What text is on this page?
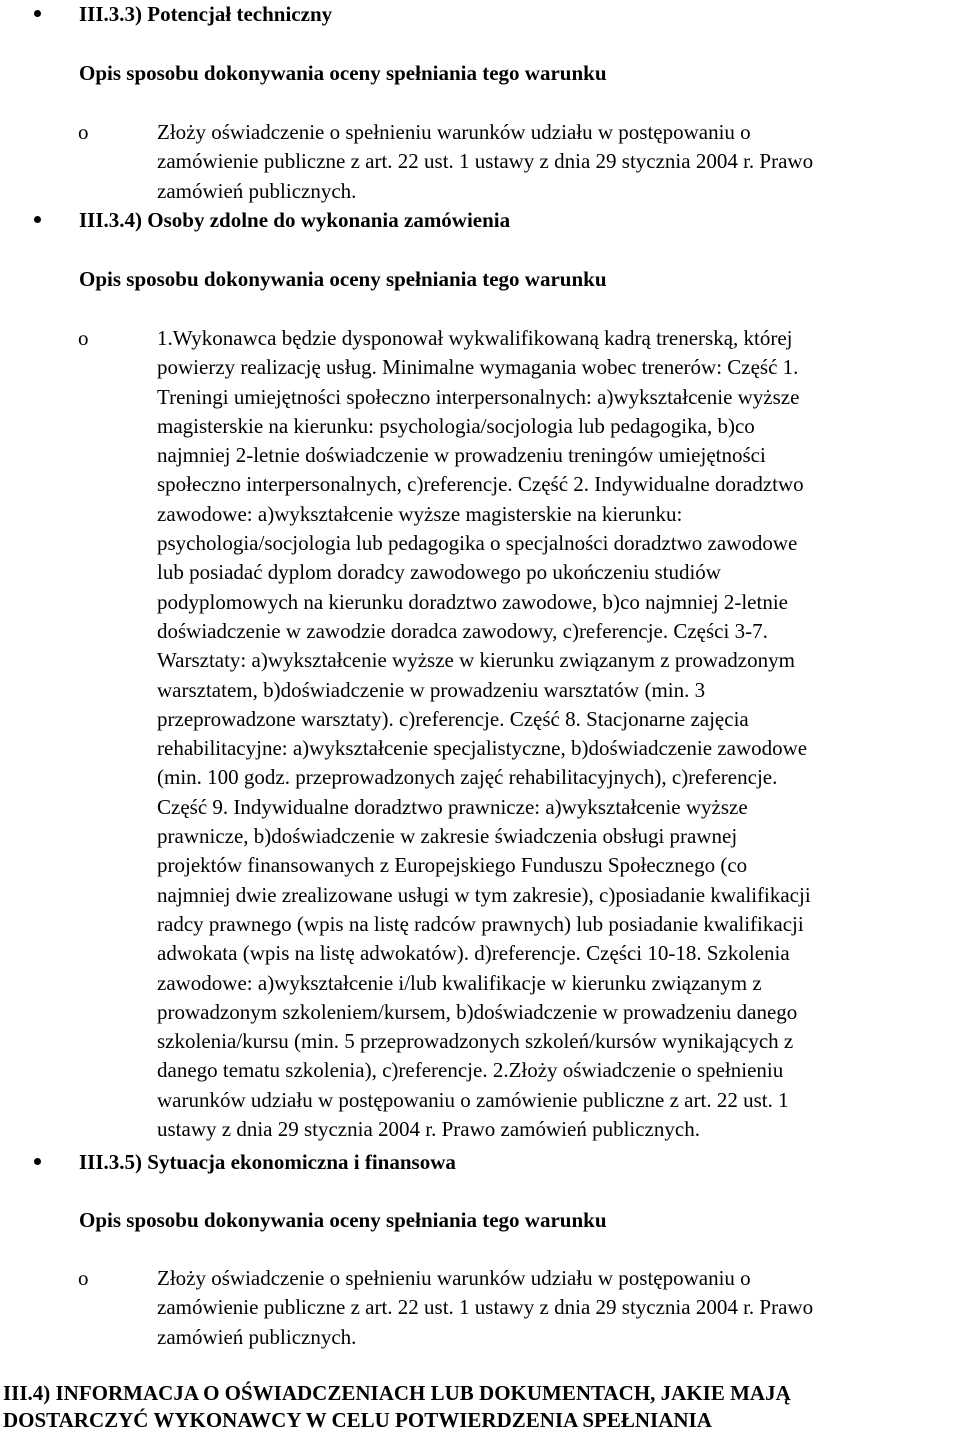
III.3.3) Potencjał techniczny
Opis sposobu dokonywania oceny spełniania tego warunku
o	Złoży oświadczenie o spełnieniu warunków udziału w postępowaniu o
zamówienie publiczne z art. 22 ust. 1 ustawy z dnia 29 stycznia 2004 r. Prawo
zamówień publicznych.
III.3.4) Osoby zdolne do wykonania zamówienia
Opis sposobu dokonywania oceny spełniania tego warunku
o	1.Wykonawca będzie dysponował wykwalifikowaną kadrą trenerską, której
powierzy realizację usług. Minimalne wymagania wobec trenerów: Część 1.
Treningi umiejętności społeczno interpersonalnych: a)wykształcenie wyższe
magisterskie na kierunku: psychologia/socjologia lub pedagogika, b)co
najmniej 2-letnie doświadczenie w prowadzeniu treningów umiejętności
społeczno interpersonalnych, c)referencje. Część 2. Indywidualne doradztwo
zawodowe: a)wykształcenie wyższe magisterskie na kierunku:
psychologia/socjologia lub pedagogika o specjalności doradztwo zawodowe
lub posiadać dyplom doradcy zawodowego po ukończeniu studiów
podyplomowych na kierunku doradztwo zawodowe, b)co najmniej 2-letnie
doświadczenie w zawodzie doradca zawodowy, c)referencje. Części 3-7.
Warsztaty: a)wykształcenie wyższe w kierunku związanym z prowadzonym
warsztatem, b)doświadczenie w prowadzeniu warsztatów (min. 3
przeprowadzone warsztaty). c)referencje. Część 8. Stacjonarne zajęcia
rehabilitacyjne: a)wykształcenie specjalistyczne, b)doświadczenie zawodowe
(min. 100 godz. przeprowadzonych zajęć rehabilitacyjnych), c)referencje.
Część 9. Indywidualne doradztwo prawnicze: a)wykształcenie wyższe
prawnicze, b)doświadczenie w zakresie świadczenia obsługi prawnej
projektów finansowanych z Europejskiego Funduszu Społecznego (co
najmniej dwie zrealizowane usługi w tym zakresie), c)posiadanie kwalifikacji
radcy prawnego (wpis na listę radców prawnych) lub posiadanie kwalifikacji
adwokata (wpis na listę adwokatów). d)referencje. Części 10-18. Szkolenia
zawodowe: a)wykształcenie i/lub kwalifikacje w kierunku związanym z
prowadzonym szkoleniem/kursem, b)doświadczenie w prowadzeniu danego
szkolenia/kursu (min. 5 przeprowadzonych szkoleń/kursów wynikających z
danego tematu szkolenia), c)referencje. 2.Złoży oświadczenie o spełnieniu
warunków udziału w postępowaniu o zamówienie publiczne z art. 22 ust. 1
ustawy z dnia 29 stycznia 2004 r. Prawo zamówień publicznych.
III.3.5) Sytuacja ekonomiczna i finansowa
Opis sposobu dokonywania oceny spełniania tego warunku
o	Złoży oświadczenie o spełnieniu warunków udziału w postępowaniu o
zamówienie publiczne z art. 22 ust. 1 ustawy z dnia 29 stycznia 2004 r. Prawo
zamówień publicznych.
III.4) INFORMACJA O OŚWIADCZENIACH LUB DOKUMENTACH, JAKIE MAJĄ
DOSTARCZYĆ WYKONAWCY W CELU POTWIERDZENIA SPEŁNIANIA
